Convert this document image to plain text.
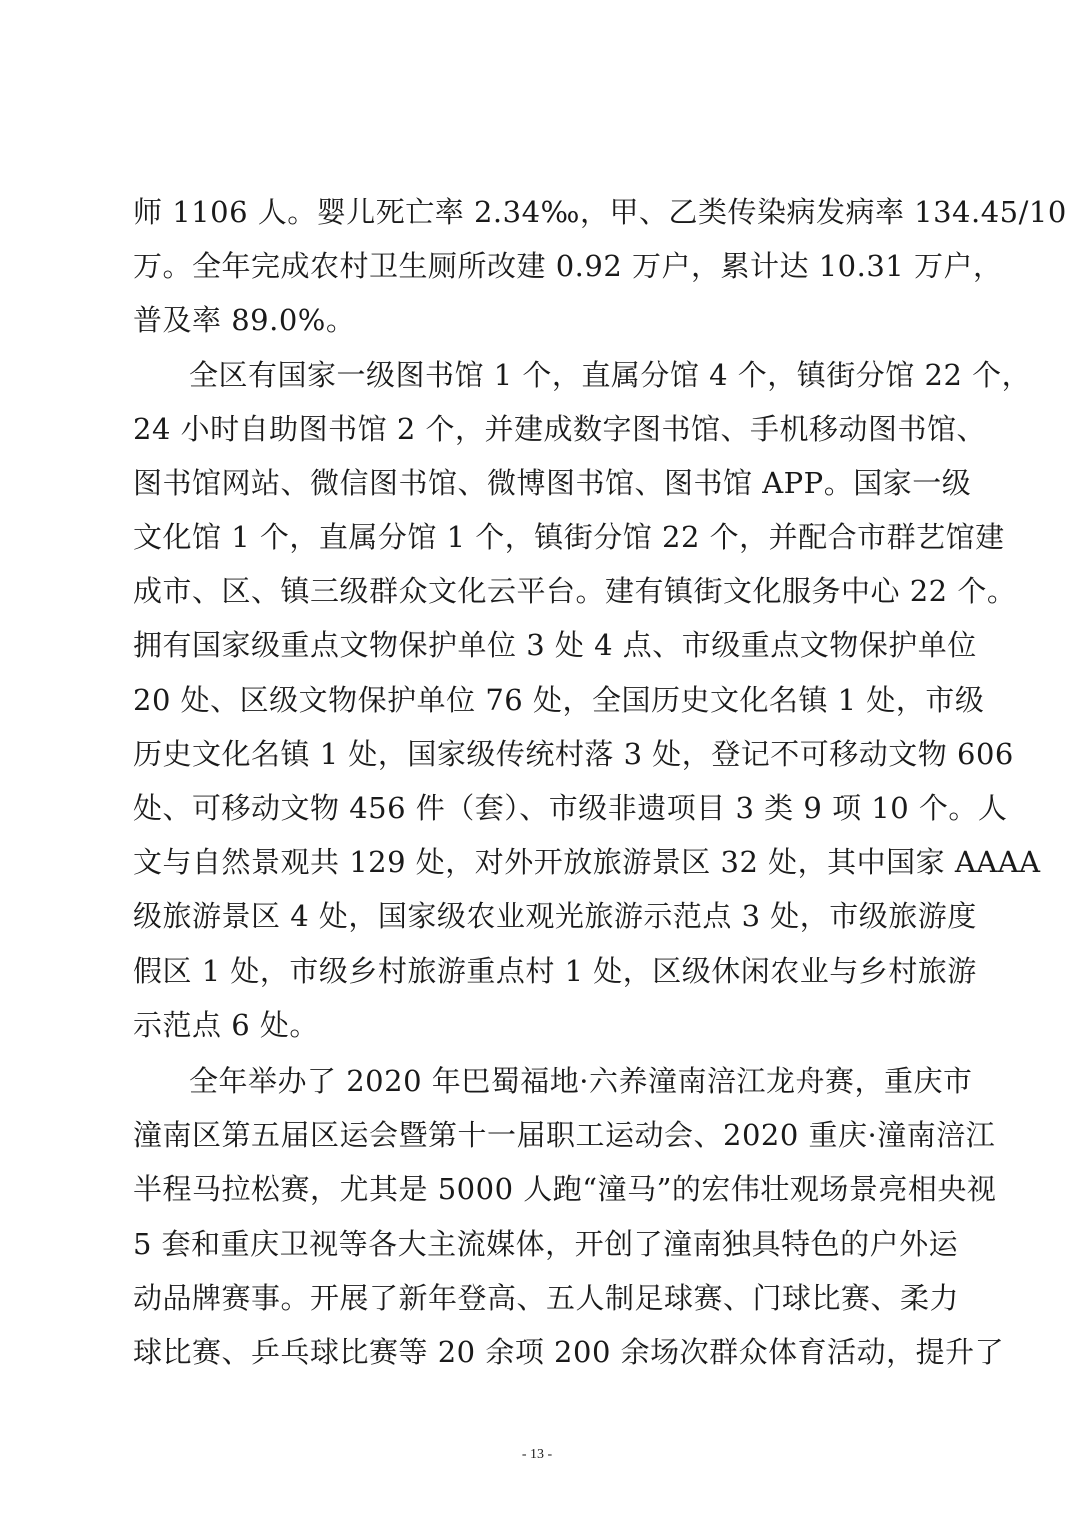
师 1106 人。婴儿死亡率 2.34‰，甲、乙类传染病发病率 134.45/10
万。全年完成农村卫生厕所改建 0.92 万户，累计达 10.31 万户，
普及率 89.0%。
全区有国家一级图书馆 1 个，直属分馆 4 个，镇街分馆 22 个，
24 小时自助图书馆 2 个，并建成数字图书馆、手机移动图书馆、
图书馆网站、微信图书馆、微博图书馆、图书馆 APP。国家一级
文化馆 1 个，直属分馆 1 个，镇街分馆 22 个，并配合市群艺馆建
成市、区、镇三级群众文化云平台。建有镇街文化服务中心 22 个。
拥有国家级重点文物保护单位 3 处 4 点、市级重点文物保护单位
20 处、区级文物保护单位 76 处，全国历史文化名镇 1 处，市级
历史文化名镇 1 处，国家级传统村落 3 处，登记不可移动文物 606
处、可移动文物 456 件（套）、市级非遗项目 3 类 9 项 10 个。人
文与自然景观共 129 处，对外开放旅游景区 32 处，其中国家 AAAA
级旅游景区 4 处，国家级农业观光旅游示范点 3 处，市级旅游度
假区 1 处，市级乡村旅游重点村 1 处，区级休闲农业与乡村旅游
示范点 6 处。
全年举办了 2020 年巴蜀福地·六养潼南涪江龙舟赛，重庆市
潼南区第五届区运会暨第十一届职工运动会、2020 重庆·潼南涪江
半程马拉松赛，尤其是 5000 人跑“潼马”的宏伟壮观场景亮相央视
5 套和重庆卫视等各大主流媒体，开创了潼南独具特色的户外运
动品牌赛事。开展了新年登高、五人制足球赛、门球比赛、柔力
球比赛、乒乓球比赛等 20 余项 200 余场次群众体育活动，提升了
- 13 -
